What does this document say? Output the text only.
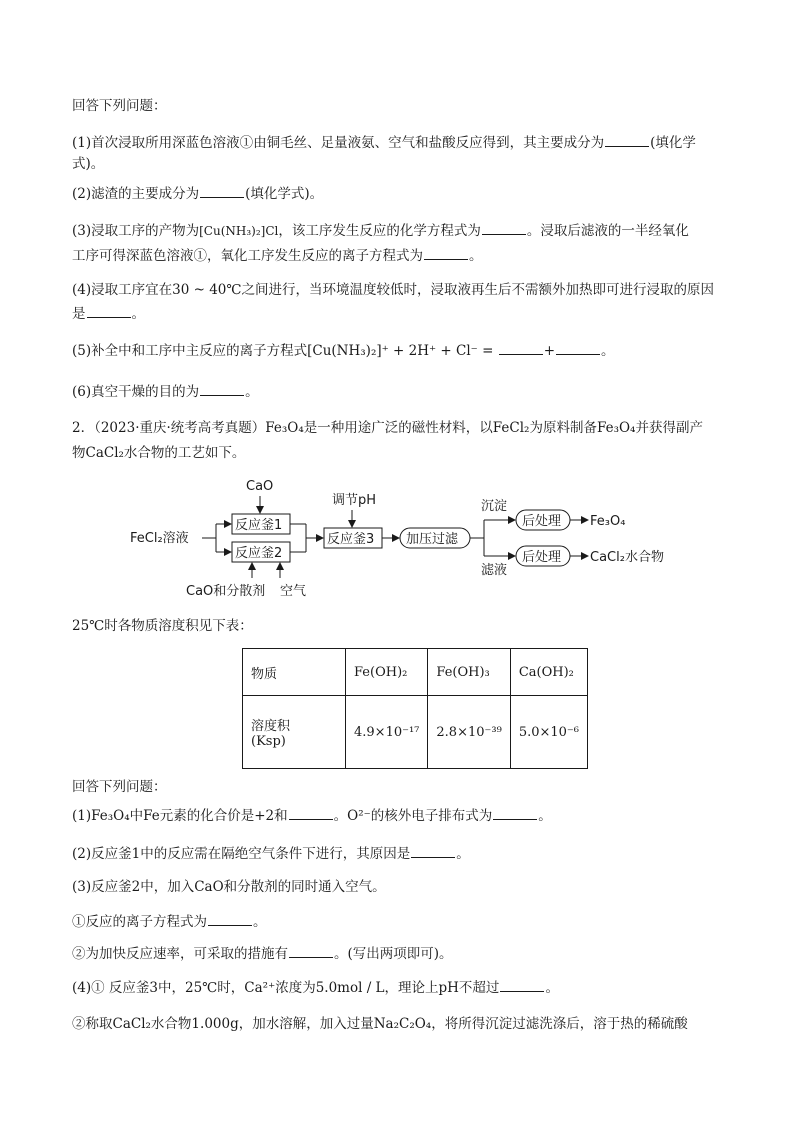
回答下列问题：
(1)首次浸取所用深蓝色溶液①由铜毛丝、足量液氨、空气和盐酸反应得到，其主要成分为	(填化学
式)。
(2)滤渣的主要成分为	(填化学式)。
(3)浸取工序的产物为[Cu(NH₃)₂]Cl，该工序发生反应的化学方程式为	。浸取后滤液的一半经氧化
工序可得深蓝色溶液①，氧化工序发生反应的离子方程式为	。
(4)浸取工序宜在30 ~ 40℃之间进行，当环境温度较低时，浸取液再生后不需额外加热即可进行浸取的原因
是	。
(5)补全中和工序中主反应的离子方程式[Cu(NH₃)₂]⁺ + 2H⁺ + Cl⁻ =	+	。
(6)真空干燥的目的为	。
2．（2023·重庆·统考高考真题）Fe₃O₄是一种用途广泛的磁性材料，以FeCl₂为原料制备Fe₃O₄并获得副产
物CaCl₂水合物的工艺如下。
CaO
反应釜1
反应釜2
FeCl₂溶液
CaO和分散剂 空气
调节pH
反应釜3 加压过滤
沉淀
滤液
后处理
后处理
Fe₃O₄
CaCl₂水合物
25℃时各物质溶度积见下表：
物质	Fe(OH)₂	Fe(OH)₃	Ca(OH)₂

溶度积
(Ksp)	4.9×10⁻¹⁷	2.8×10⁻³⁹	5.0×10⁻⁶
回答下列问题：
(1)Fe₃O₄中Fe元素的化合价是+2和	。O²⁻的核外电子排布式为	。
(2)反应釜1中的反应需在隔绝空气条件下进行，其原因是	。
(3)反应釜2中，加入CaO和分散剂的同时通入空气。
①反应的离子方程式为	。
②为加快反应速率，可采取的措施有	。(写出两项即可)。
(4)① 反应釜3中，25℃时，Ca²⁺浓度为5.0mol / L，理论上pH不超过	。
②称取CaCl₂水合物1.000g，加水溶解，加入过量Na₂C₂O₄，将所得沉淀过滤洗涤后，溶于热的稀硫酸
